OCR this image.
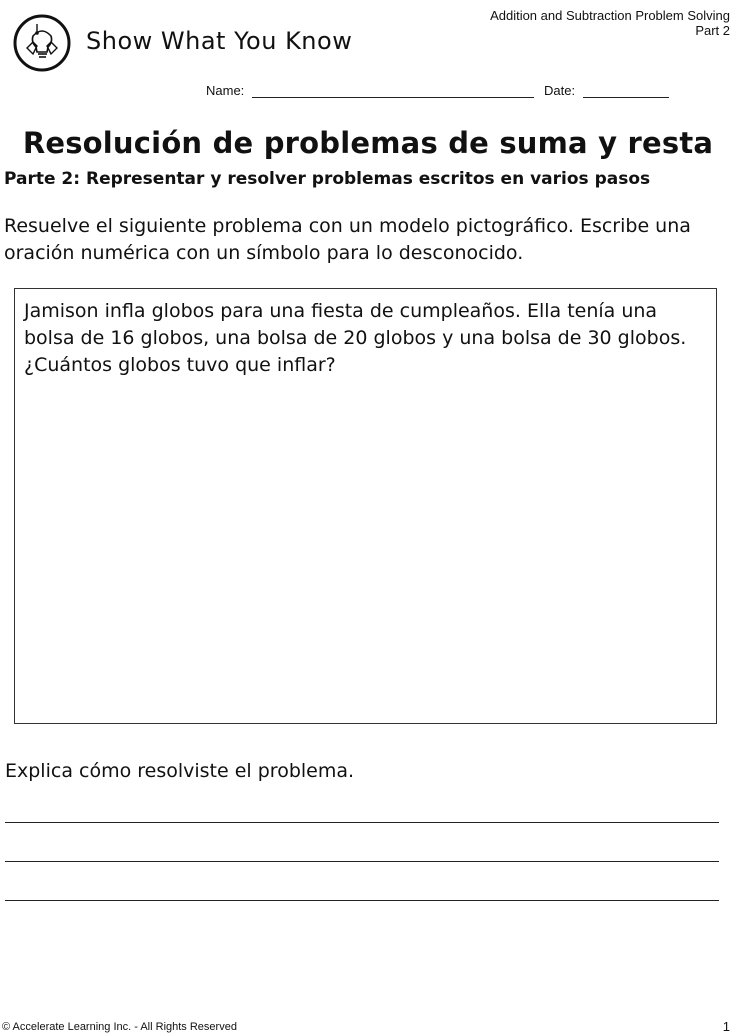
Show What You Know
Addition and Subtraction Problem Solving
Part 2
Name:	Date:
Resolución de problemas de suma y resta
Parte 2: Representar y resolver problemas escritos en varios pasos
Resuelve el siguiente problema con un modelo pictográfico. Escribe una oración numérica con un símbolo para lo desconocido.
Jamison infla globos para una fiesta de cumpleaños. Ella tenía una bolsa de 16 globos, una bolsa de 20 globos y una bolsa de 30 globos. ¿Cuántos globos tuvo que inflar?
Explica cómo resolviste el problema.
© Accelerate Learning Inc. - All Rights Reserved	1
